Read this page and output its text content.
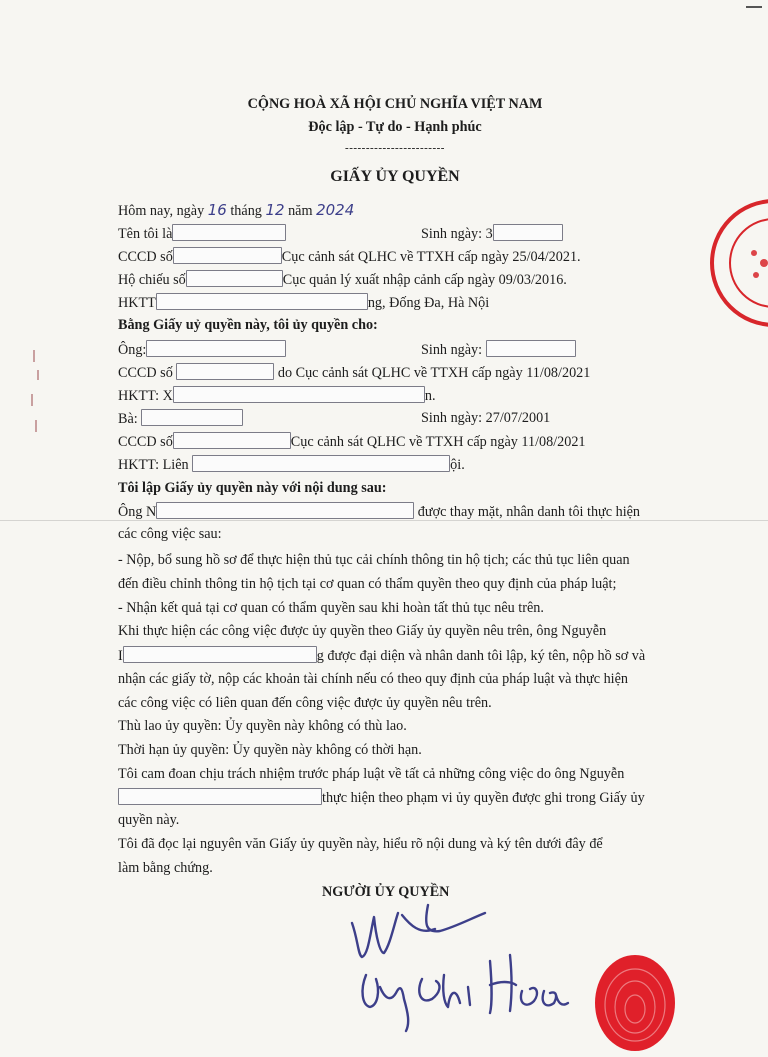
CỘNG HOÀ XÃ HỘI CHỦ NGHĨA VIỆT NAM
Độc lập - Tự do - Hạnh phúc
------------------------
GIẤY ỦY QUYỀN
Hôm nay, ngày 16 tháng 12 năm 2024
Tên tôi là	Sinh ngày: 3
CCCD số	Cục cảnh sát QLHC về TTXH cấp ngày 25/04/2021.
Hộ chiếu số	Cục quản lý xuất nhập cảnh cấp ngày 09/03/2016.
HKTT	ng, Đống Đa, Hà Nội
Bằng Giấy uỷ quyền này, tôi ủy quyền cho:
Ông:	Sinh ngày:
CCCD số	do Cục cảnh sát QLHC về TTXH cấp ngày 11/08/2021
HKTT: X	n.
Bà:	Sinh ngày: 27/07/2001
CCCD số	Cục cảnh sát QLHC về TTXH cấp ngày 11/08/2021
HKTT: Liên	ội.
Tôi lập Giấy ủy quyền này với nội dung sau:
Ông N	được thay mặt, nhân danh tôi thực hiện
các công việc sau:
- Nộp, bổ sung hồ sơ để thực hiện thủ tục cải chính thông tin hộ tịch; các thủ tục liên quan
đến điều chỉnh thông tin hộ tịch tại cơ quan có thẩm quyền theo quy định của pháp luật;
- Nhận kết quả tại cơ quan có thẩm quyền sau khi hoàn tất thủ tục nêu trên.
Khi thực hiện các công việc được ủy quyền theo Giấy ủy quyền nêu trên, ông Nguyễn
I	g được đại diện và nhân danh tôi lập, ký tên, nộp hồ sơ và
nhận các giấy tờ, nộp các khoản tài chính nếu có theo quy định của pháp luật và thực hiện
các công việc có liên quan đến công việc được ủy quyền nêu trên.
Thù lao ủy quyền: Ủy quyền này không có thù lao.
Thời hạn ủy quyền: Ủy quyền này không có thời hạn.
Tôi cam đoan chịu trách nhiệm trước pháp luật về tất cả những công việc do ông Nguyễn
thực hiện theo phạm vi ủy quyền được ghi trong Giấy ủy
quyền này.
Tôi đã đọc lại nguyên văn Giấy ủy quyền này, hiểu rõ nội dung và ký tên dưới đây để
làm bằng chứng.
NGƯỜI ỦY QUYỀN
